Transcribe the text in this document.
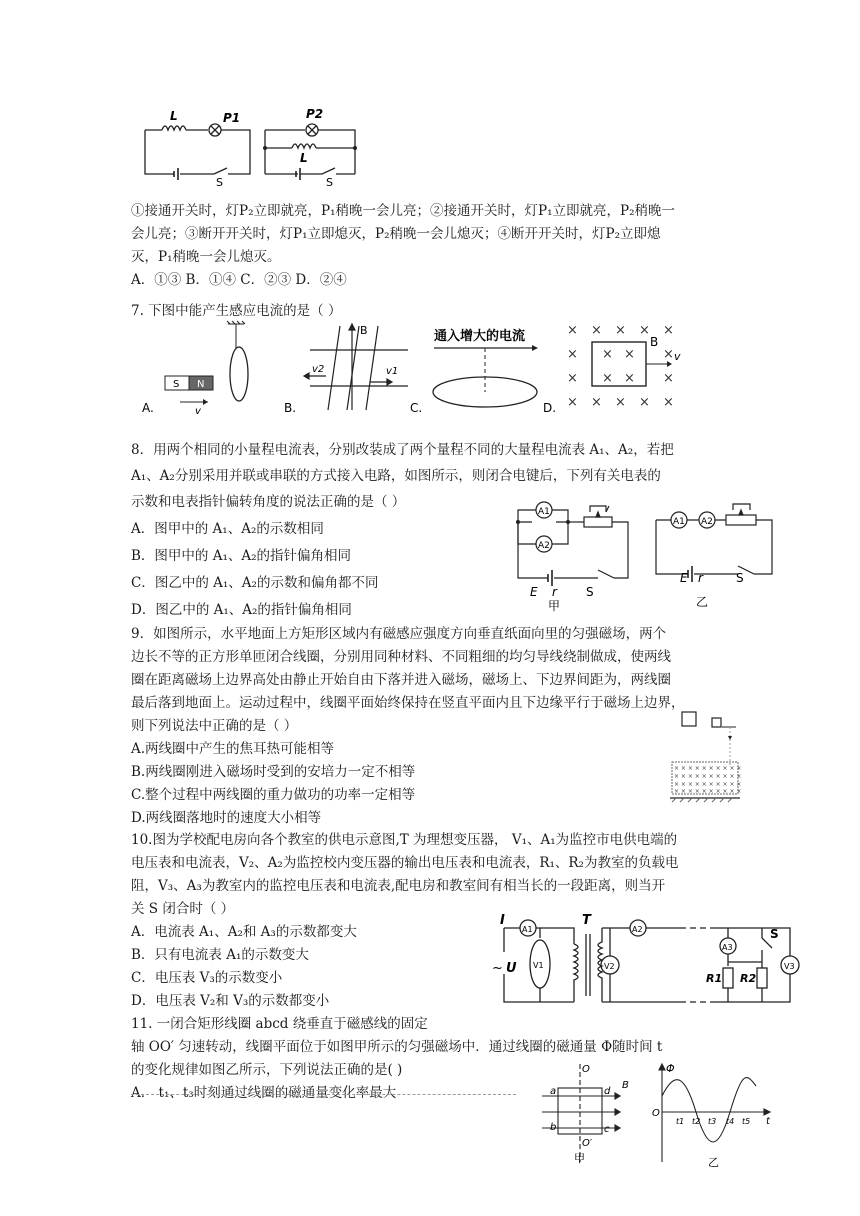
L	P1
S
P2
L
S
①接通开关时，灯P₂立即就亮，P₁稍晚一会儿亮；②接通开关时，灯P₁立即就亮，P₂稍晚一
会儿亮；③断开开关时，灯P₁立即熄灭，P₂稍晚一会儿熄灭；④断开开关时，灯P₂立即熄
灭，P₁稍晚一会儿熄灭。
A．①③ B．①④ C．②③ D．②④
7. 下图中能产生感应电流的是（ ）
A.
S N
v	B.
B
v1
v2
C.
通入增大的电流
D.
× × × × ×
×	×
×	×
× × × × ×
× ×
× ×
B
v
8．用两个相同的小量程电流表，分别改装成了两个量程不同的大量程电流表 A₁、A₂，若把
A₁、A₂分别采用并联或串联的方式接入电路，如图所示，则闭合电键后，下列有关电表的
示数和电表指针偏转角度的说法正确的是（ ）
A．图甲中的 A₁、A₂的示数相同
B．图甲中的 A₁、A₂的指针偏角相同
C．图乙中的 A₁、A₂的示数和偏角都不同
D．图乙中的 A₁、A₂的指针偏角相同
A1
A2
E r S
甲
A1 A2
E r	S
乙
9．如图所示，水平地面上方矩形区域内有磁感应强度方向垂直纸面向里的匀强磁场，两个
边长不等的正方形单匝闭合线圈，分别用同种材料、不同粗细的均匀导线绕制做成，使两线
圈在距离磁场上边界高处由静止开始自由下落并进入磁场，磁场上、下边界间距为，两线圈
最后落到地面上。运动过程中，线圈平面始终保持在竖直平面内且下边缘平行于磁场上边界，
则下列说法中正确的是（ ）
A.两线圈中产生的焦耳热可能相等
B.两线圈刚进入磁场时受到的安培力一定不相等
C.整个过程中两线圈的重力做功的功率一定相等
D.两线圈落地时的速度大小相等
× × × × × × × × × ×
× × × × × × × × × ×
× × × × × × × × × ×
× × × × × × × × × ×
10.图为学校配电房向各个教室的供电示意图,T 为理想变压器， V₁、A₁为监控市电供电端的
电压表和电流表，V₂、A₂为监控校内变压器的输出电压表和电流表，R₁、R₂为教室的负载电
阻，V₃、A₃为教室内的监控电压表和电流表,配电房和教室间有相当长的一段距离，则当开
关 S 闭合时（ ）
A．电流表 A₁、A₂和 A₃的示数都变大
B．只有电流表 A₁的示数变大
C．电压表 V₃的示数变小
D．电压表 V₂和 V₃的示数都变小
I
~ U
T
A1
V1
A2
V2
A3
V3
R1 R2
S
11. 一闭合矩形线圈 abcd 绕垂直于磁感线的固定
轴 OO′ 匀速转动，线圈平面位于如图甲所示的匀强磁场中．通过线圈的磁通量 Φ随时间 t
的变化规律如图乙所示，下列说法正确的是( )
A． t₁、t₃时刻通过线圈的磁通量变化率最大
O
O′
a
b	c
d
B
甲
Φ
O
t1 t2 t3 t4 t5 t
乙
